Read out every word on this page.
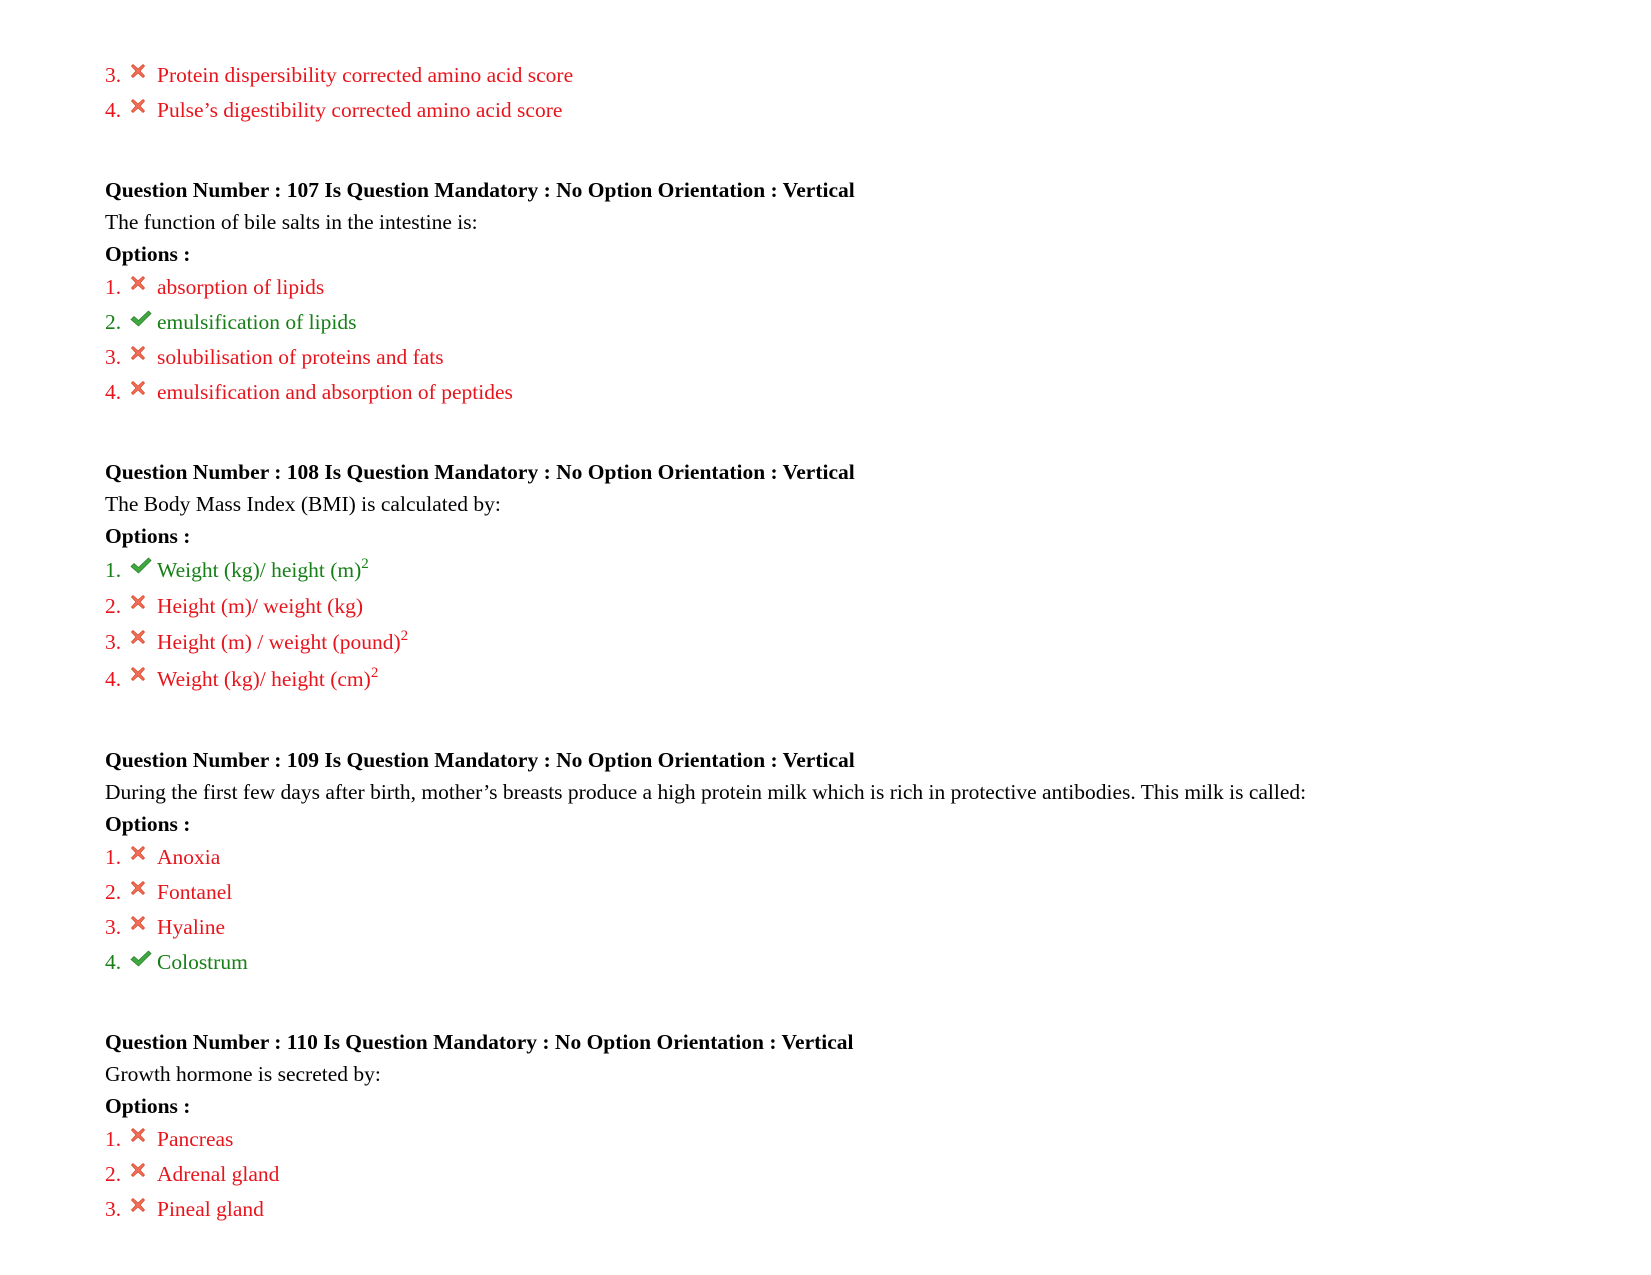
3. Protein dispersibility corrected amino acid score
4. Pulse’s digestibility corrected amino acid score
Question Number : 107 Is Question Mandatory : No Option Orientation : Vertical
The function of bile salts in the intestine is:
Options :
1. absorption of lipids
2. emulsification of lipids
3. solubilisation of proteins and fats
4. emulsification and absorption of peptides
Question Number : 108 Is Question Mandatory : No Option Orientation : Vertical
The Body Mass Index (BMI) is calculated by:
Options :
1. Weight (kg)/ height $(m)^2$
2. Height (m)/ weight (kg)
3. Height (m) / weight (pound)$^2$
4. Weight (kg)/ height (cm)$^2$
Question Number : 109 Is Question Mandatory : No Option Orientation : Vertical
During the first few days after birth, mother’s breasts produce a high protein milk which is rich in protective antibodies. This milk is called:
Options :
1. Anoxia
2. Fontanel
3. Hyaline
4. Colostrum
Question Number : 110 Is Question Mandatory : No Option Orientation : Vertical
Growth hormone is secreted by:
Options :
1. Pancreas
2. Adrenal gland
3. Pineal gland
